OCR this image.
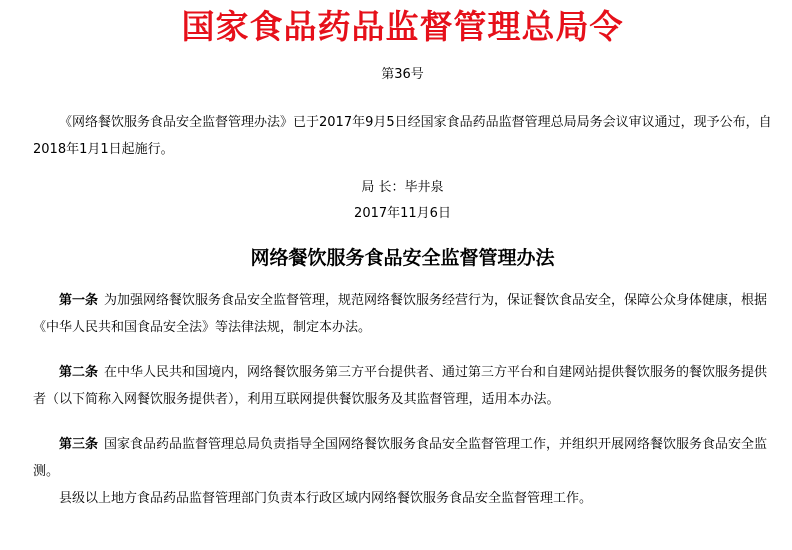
国家食品药品监督管理总局令
第36号

《网络餐饮服务食品安全监督管理办法》已于2017年9月5日经国家食品药品监督管理总局局务会议审议通过，现予公布，自2018年1月1日起施行。

局 长：毕井泉
2017年11月6日
网络餐饮服务食品安全监督管理办法

第一条 为加强网络餐饮服务食品安全监督管理，规范网络餐饮服务经营行为，保证餐饮食品安全，保障公众身体健康，根据《中华人民共和国食品安全法》等法律法规，制定本办法。

第二条 在中华人民共和国境内，网络餐饮服务第三方平台提供者、通过第三方平台和自建网站提供餐饮服务的餐饮服务提供者（以下简称入网餐饮服务提供者），利用互联网提供餐饮服务及其监督管理，适用本办法。

第三条 国家食品药品监督管理总局负责指导全国网络餐饮服务食品安全监督管理工作，并组织开展网络餐饮服务食品安全监测。

县级以上地方食品药品监督管理部门负责本行政区域内网络餐饮服务食品安全监督管理工作。
